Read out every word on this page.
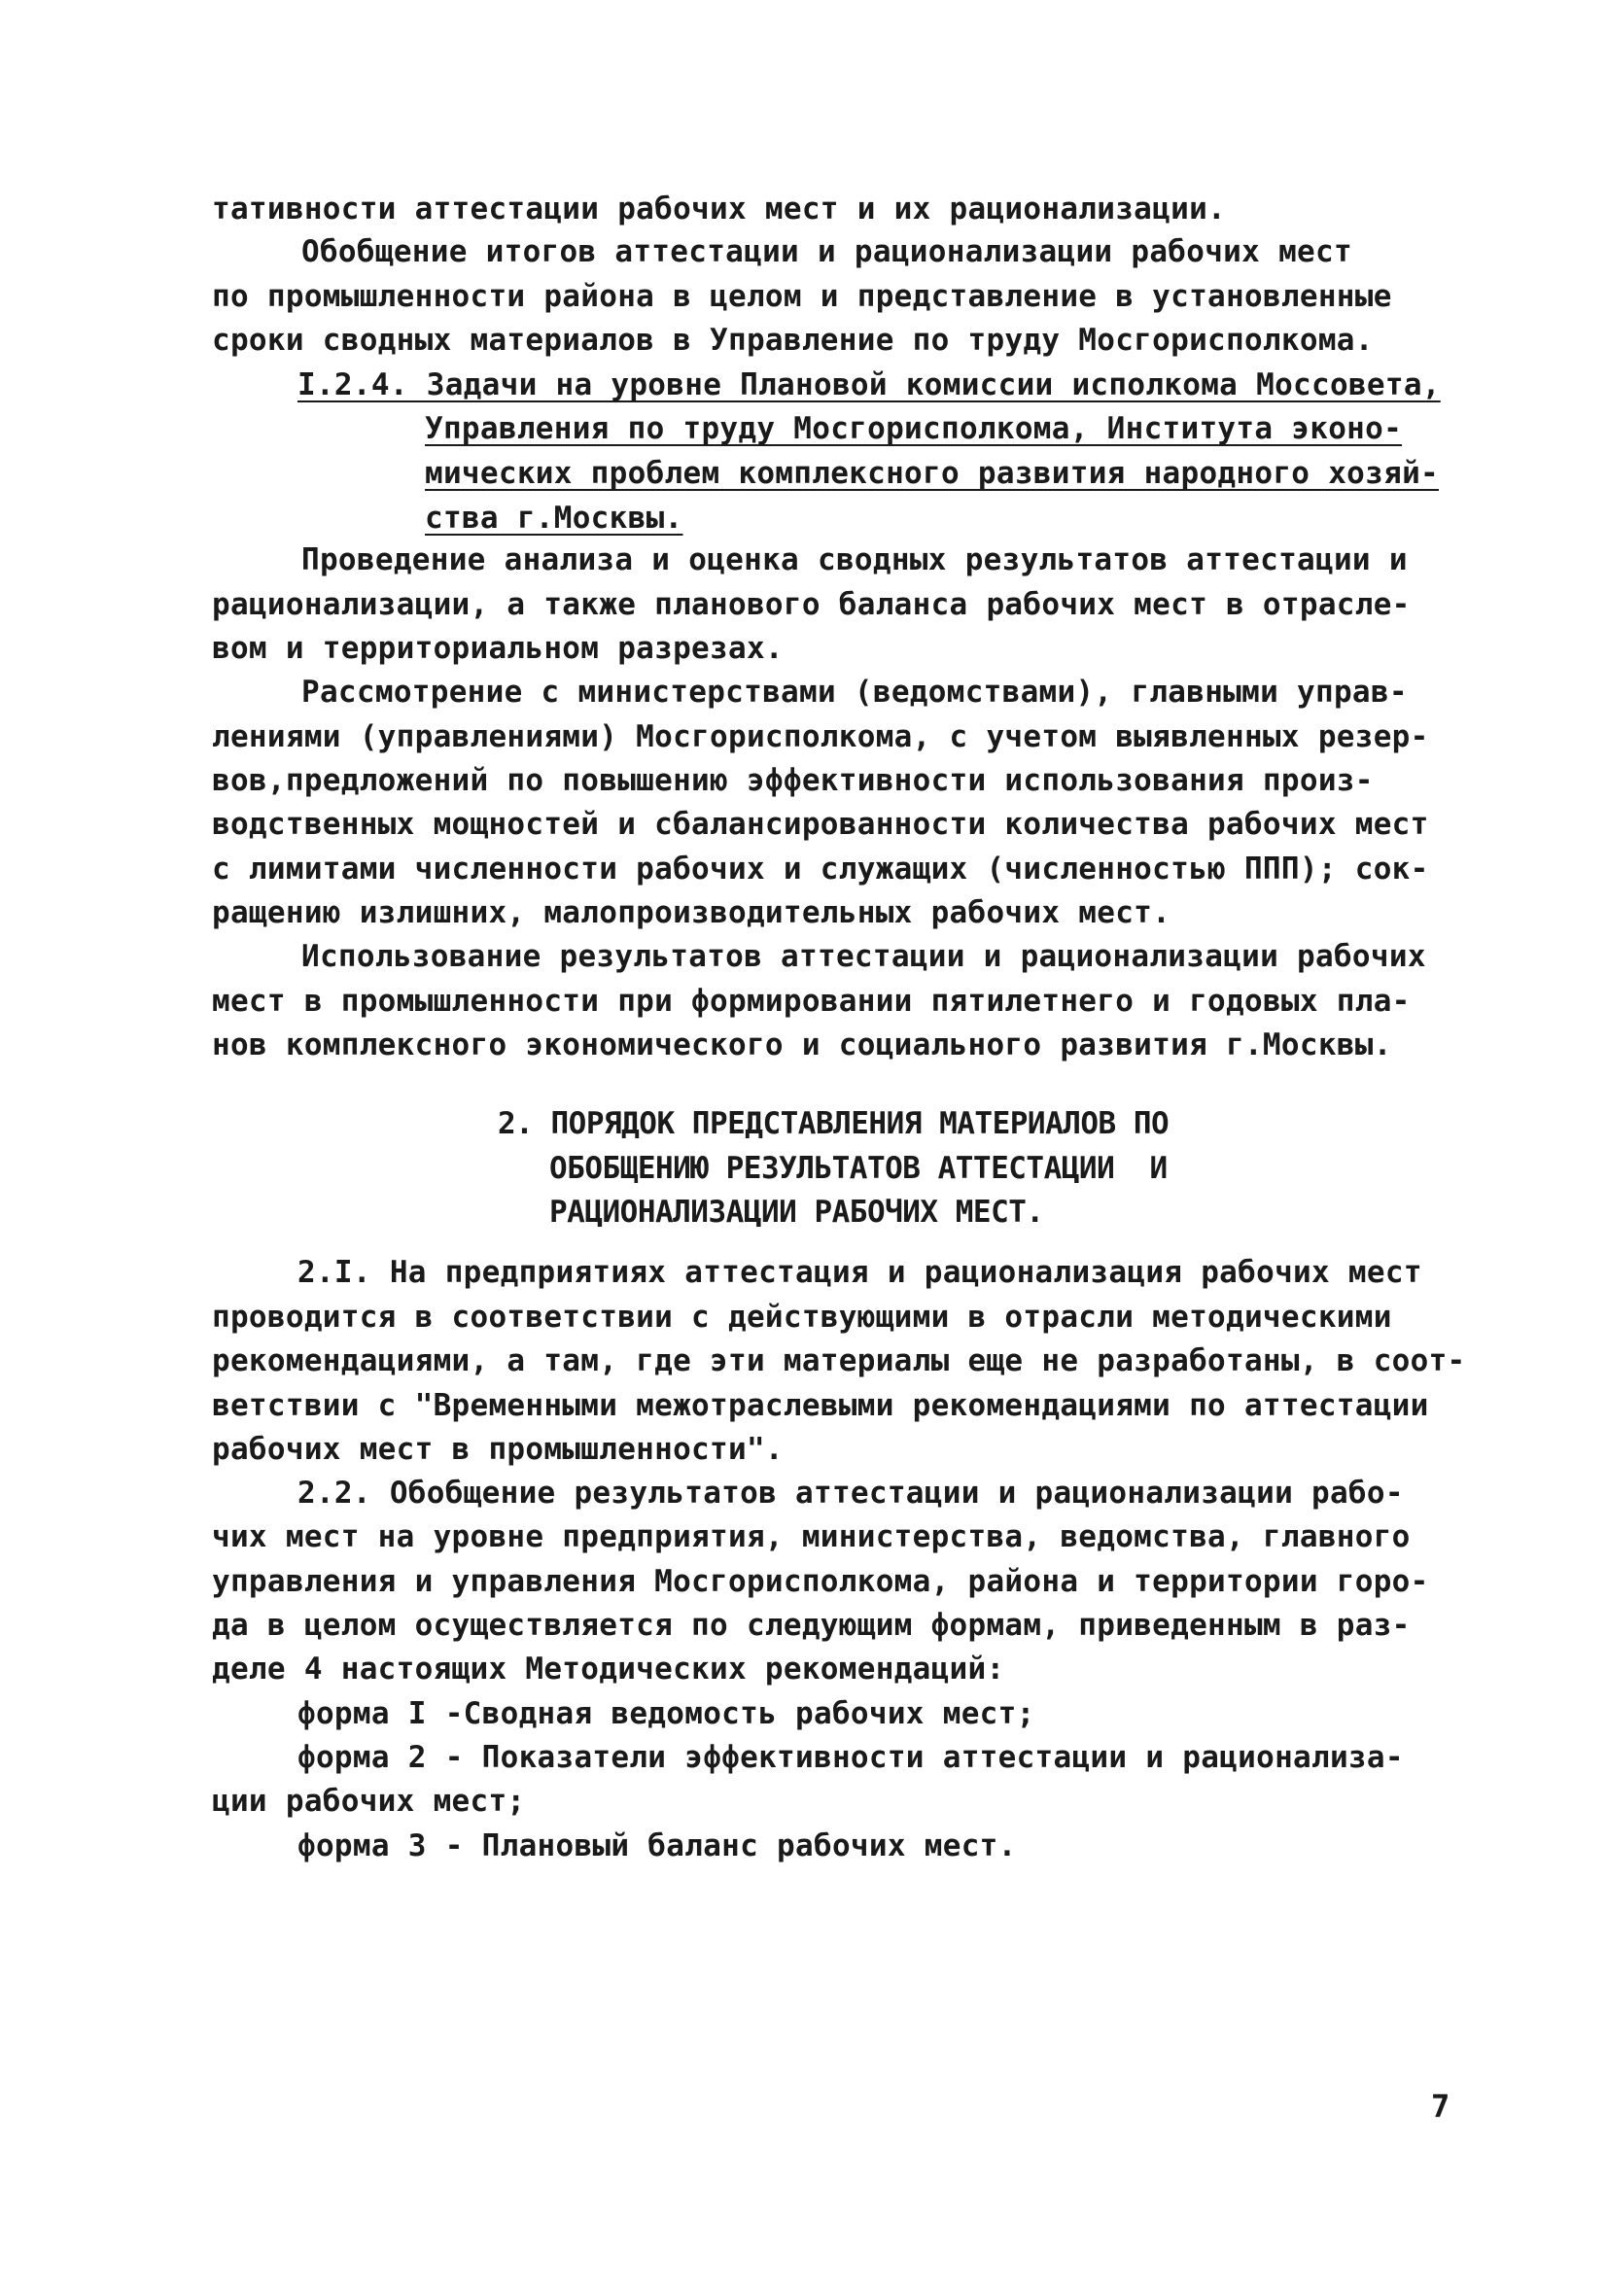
тативности аттестации рабочих мест и их рационализации.
Обобщение итогов аттестации и рационализации рабочих мест
по промышленности района в целом и представление в установленные
сроки сводных материалов в Управление по труду Мосгорисполкома.
I.2.4. Задачи на уровне Плановой комиссии исполкома Моссовета,
Управления по труду Мосгорисполкома, Института эконо-
мических проблем комплексного развития народного хозяй-
ства г.Москвы.
Проведение анализа и оценка сводных результатов аттестации и
рационализации, а также планового баланса рабочих мест в отрасле-
вом и территориальном разрезах.
Рассмотрение с министерствами (ведомствами), главными управ-
лениями (управлениями) Мосгорисполкома, с учетом выявленных резер-
вов,предложений по повышению эффективности использования произ-
водственных мощностей и сбалансированности количества рабочих мест
с лимитами численности рабочих и служащих (численностью ППП); сок-
ращению излишних, малопроизводительных рабочих мест.
Использование результатов аттестации и рационализации рабочих
мест в промышленности при формировании пятилетнего и годовых пла-
нов комплексного экономического и социального развития г.Москвы.
2. ПОРЯДОК ПРЕДСТАВЛЕНИЯ МАТЕРИАЛОВ ПО
ОБОБЩЕНИЮ РЕЗУЛЬТАТОВ АТТЕСТАЦИИ  И
РАЦИОНАЛИЗАЦИИ РАБОЧИХ МЕСТ.
2.I. На предприятиях аттестация и рационализация рабочих мест
проводится в соответствии с действующими в отрасли методическими
рекомендациями, а там, где эти материалы еще не разработаны, в соот-
ветствии с "Временными межотраслевыми рекомендациями по аттестации
рабочих мест в промышленности".
2.2. Обобщение результатов аттестации и рационализации рабо-
чих мест на уровне предприятия, министерства, ведомства, главного
управления и управления Мосгорисполкома, района и территории горо-
да в целом осуществляется по следующим формам, приведенным в раз-
деле 4 настоящих Методических рекомендаций:
форма I -Сводная ведомость рабочих мест;
форма 2 - Показатели эффективности аттестации и рационализа-
ции рабочих мест;
форма 3 - Плановый баланс рабочих мест.
7
